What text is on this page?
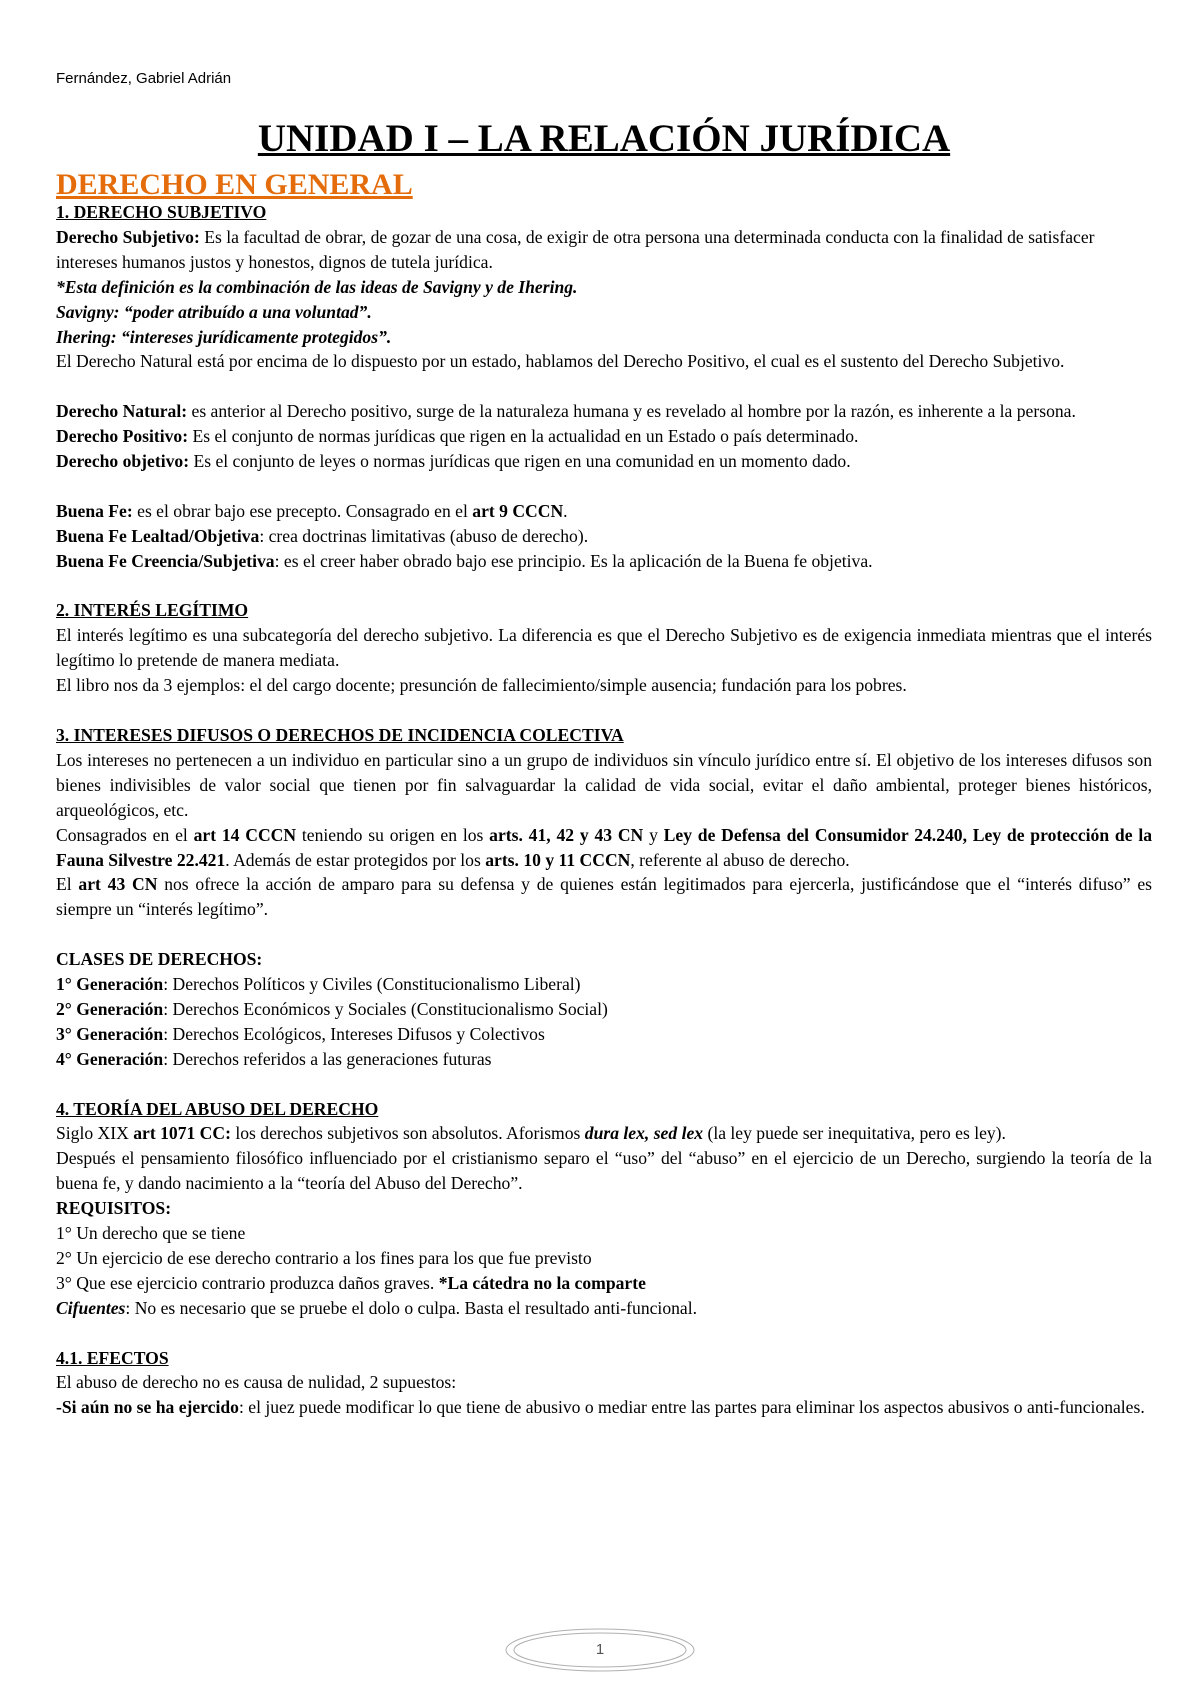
Fernández, Gabriel Adrián
UNIDAD I – LA RELACIÓN JURÍDICA

DERECHO EN GENERAL

1. DERECHO SUBJETIVO

Derecho Subjetivo: Es la facultad de obrar, de gozar de una cosa, de exigir de otra persona una determinada conducta con la finalidad de satisfacer intereses humanos justos y honestos, dignos de tutela jurídica.

*Esta definición es la combinación de las ideas de Savigny y de Ihering.

Savigny: “poder atribuído a una voluntad”.

Ihering: “intereses jurídicamente protegidos”.

El Derecho Natural está por encima de lo dispuesto por un estado, hablamos del Derecho Positivo, el cual es el sustento del Derecho Subjetivo.

Derecho Natural: es anterior al Derecho positivo, surge de la naturaleza humana y es revelado al hombre por la razón, es inherente a la persona.

Derecho Positivo: Es el conjunto de normas jurídicas que rigen en la actualidad en un Estado o país determinado.

Derecho objetivo: Es el conjunto de leyes o normas jurídicas que rigen en una comunidad en un momento dado.

Buena Fe: es el obrar bajo ese precepto. Consagrado en el art 9 CCCN.

Buena Fe Lealtad/Objetiva: crea doctrinas limitativas (abuso de derecho).

Buena Fe Creencia/Subjetiva: es el creer haber obrado bajo ese principio. Es la aplicación de la Buena fe objetiva.

2. INTERÉS LEGÍTIMO

El interés legítimo es una subcategoría del derecho subjetivo. La diferencia es que el Derecho Subjetivo es de exigencia inmediata mientras que el interés legítimo lo pretende de manera mediata.

El libro nos da 3 ejemplos: el del cargo docente; presunción de fallecimiento/simple ausencia; fundación para los pobres.

3. INTERESES DIFUSOS O DERECHOS DE INCIDENCIA COLECTIVA

Los intereses no pertenecen a un individuo en particular sino a un grupo de individuos sin vínculo jurídico entre sí. El objetivo de los intereses difusos son bienes indivisibles de valor social que tienen por fin salvaguardar la calidad de vida social, evitar el daño ambiental, proteger bienes históricos, arqueológicos, etc.

Consagrados en el art 14 CCCN teniendo su origen en los arts. 41, 42 y 43 CN y Ley de Defensa del Consumidor 24.240, Ley de protección de la Fauna Silvestre 22.421. Además de estar protegidos por los arts. 10 y 11 CCCN, referente al abuso de derecho.

El art 43 CN nos ofrece la acción de amparo para su defensa y de quienes están legitimados para ejercerla, justificándose que el “interés difuso” es siempre un “interés legítimo”.

CLASES DE DERECHOS:

1° Generación: Derechos Políticos y Civiles (Constitucionalismo Liberal)

2° Generación: Derechos Económicos y Sociales (Constitucionalismo Social)

3° Generación: Derechos Ecológicos, Intereses Difusos y Colectivos

4° Generación: Derechos referidos a las generaciones futuras

4. TEORÍA DEL ABUSO DEL DERECHO

Siglo XIX art 1071 CC: los derechos subjetivos son absolutos. Aforismos dura lex, sed lex (la ley puede ser inequitativa, pero es ley).

Después el pensamiento filosófico influenciado por el cristianismo separo el “uso” del “abuso” en el ejercicio de un Derecho, surgiendo la teoría de la buena fe, y dando nacimiento a la “teoría del Abuso del Derecho”.

REQUISITOS:

1° Un derecho que se tiene

2° Un ejercicio de ese derecho contrario a los fines para los que fue previsto

3° Que ese ejercicio contrario produzca daños graves. *La cátedra no la comparte

Cifuentes: No es necesario que se pruebe el dolo o culpa. Basta el resultado anti-funcional.

4.1. EFECTOS

El abuso de derecho no es causa de nulidad, 2 supuestos:

-Si aún no se ha ejercido: el juez puede modificar lo que tiene de abusivo o mediar entre las partes para eliminar los aspectos abusivos o anti-funcionales.

1
